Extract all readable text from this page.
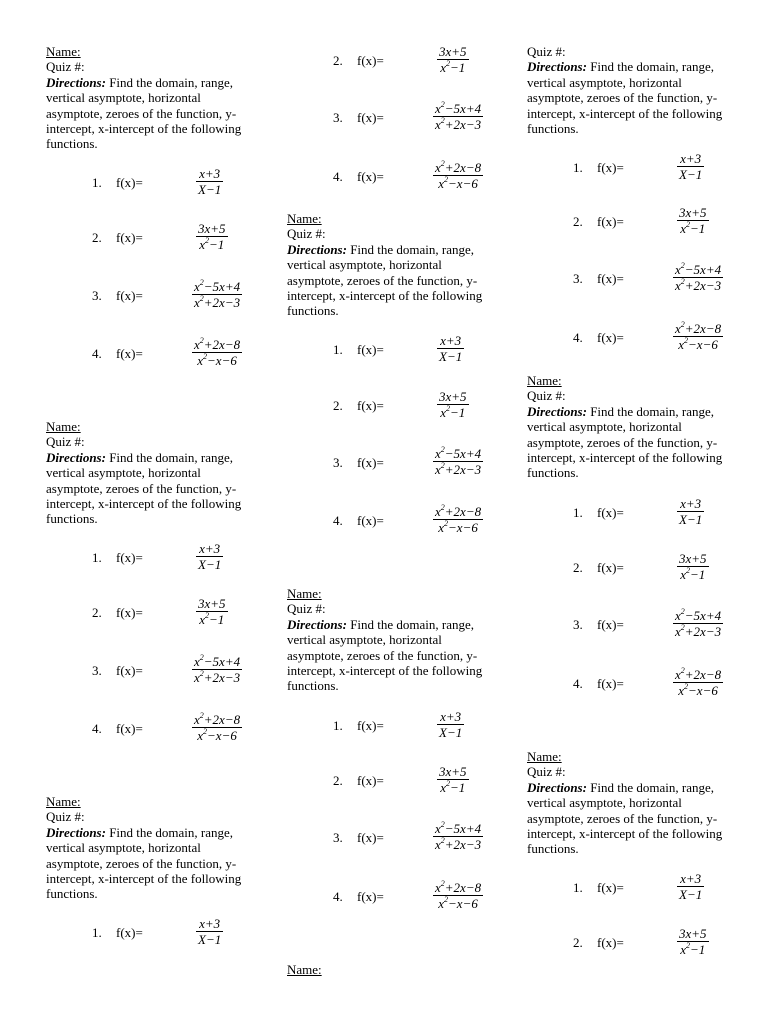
Name:
Quiz #:
Directions: Find the domain, range, vertical asymptote, horizontal asymptote, zeroes of the function, y-intercept, x-intercept of the following functions.
1. f(x)=	$\frac{x+3}{X-1}$
2. f(x)=	$\frac{3x+5}{x^2-1}$
3. f(x)=	$\frac{x^2-5x+4}{x^2+2x-3}$
4. f(x)=	$\frac{x^2+2x-8}{x^2-x-6}$
Name:
Quiz #:
Directions: Find the domain, range, vertical asymptote, horizontal asymptote, zeroes of the function, y-intercept, x-intercept of the following functions.
1. f(x)=	$\frac{x+3}{X-1}$
2. f(x)=	$\frac{3x+5}{x^2-1}$
3. f(x)=	$\frac{x^2-5x+4}{x^2+2x-3}$
4. f(x)=	$\frac{x^2+2x-8}{x^2-x-6}$
Name:
Quiz #:
Directions: Find the domain, range, vertical asymptote, horizontal asymptote, zeroes of the function, y-intercept, x-intercept of the following functions.
1. f(x)=	$\frac{x+3}{X-1}$
2. f(x)=	$\frac{3x+5}{x^2-1}$
3. f(x)=	$\frac{x^2-5x+4}{x^2+2x-3}$
4. f(x)=	$\frac{x^2+2x-8}{x^2-x-6}$
Name:
Quiz #:
Directions: Find the domain, range, vertical asymptote, horizontal asymptote, zeroes of the function, y-intercept, x-intercept of the following functions.
1. f(x)=	$\frac{x+3}{X-1}$
2. f(x)=	$\frac{3x+5}{x^2-1}$
3. f(x)=	$\frac{x^2-5x+4}{x^2+2x-3}$
4. f(x)=	$\frac{x^2+2x-8}{x^2-x-6}$
Name:
Quiz #:
Directions: Find the domain, range, vertical asymptote, horizontal asymptote, zeroes of the function, y-intercept, x-intercept of the following functions.
1. f(x)=	$\frac{x+3}{X-1}$
2. f(x)=	$\frac{3x+5}{x^2-1}$
3. f(x)=	$\frac{x^2-5x+4}{x^2+2x-3}$
4. f(x)=	$\frac{x^2+2x-8}{x^2-x-6}$
Name:
Quiz #:
Directions: Find the domain, range, vertical asymptote, horizontal asymptote, zeroes of the function, y-intercept, x-intercept of the following functions.
1. f(x)=	$\frac{x+3}{X-1}$
2. f(x)=	$\frac{3x+5}{x^2-1}$
3. f(x)=	$\frac{x^2-5x+4}{x^2+2x-3}$
4. f(x)=	$\frac{x^2+2x-8}{x^2-x-6}$
Name:
Quiz #:
Directions: Find the domain, range, vertical asymptote, horizontal asymptote, zeroes of the function, y-intercept, x-intercept of the following functions.
1. f(x)=	$\frac{x+3}{X-1}$
2. f(x)=	$\frac{3x+5}{x^2-1}$
3. f(x)=	$\frac{x^2-5x+4}{x^2+2x-3}$
4. f(x)=	$\frac{x^2+2x-8}{x^2-x-6}$
Name:
Quiz #:
Directions: Find the domain, range, vertical asymptote, horizontal asymptote, zeroes of the function, y-intercept, x-intercept of the following functions.
1. f(x)=	$\frac{x+3}{X-1}$
2. f(x)=	$\frac{3x+5}{x^2-1}$
